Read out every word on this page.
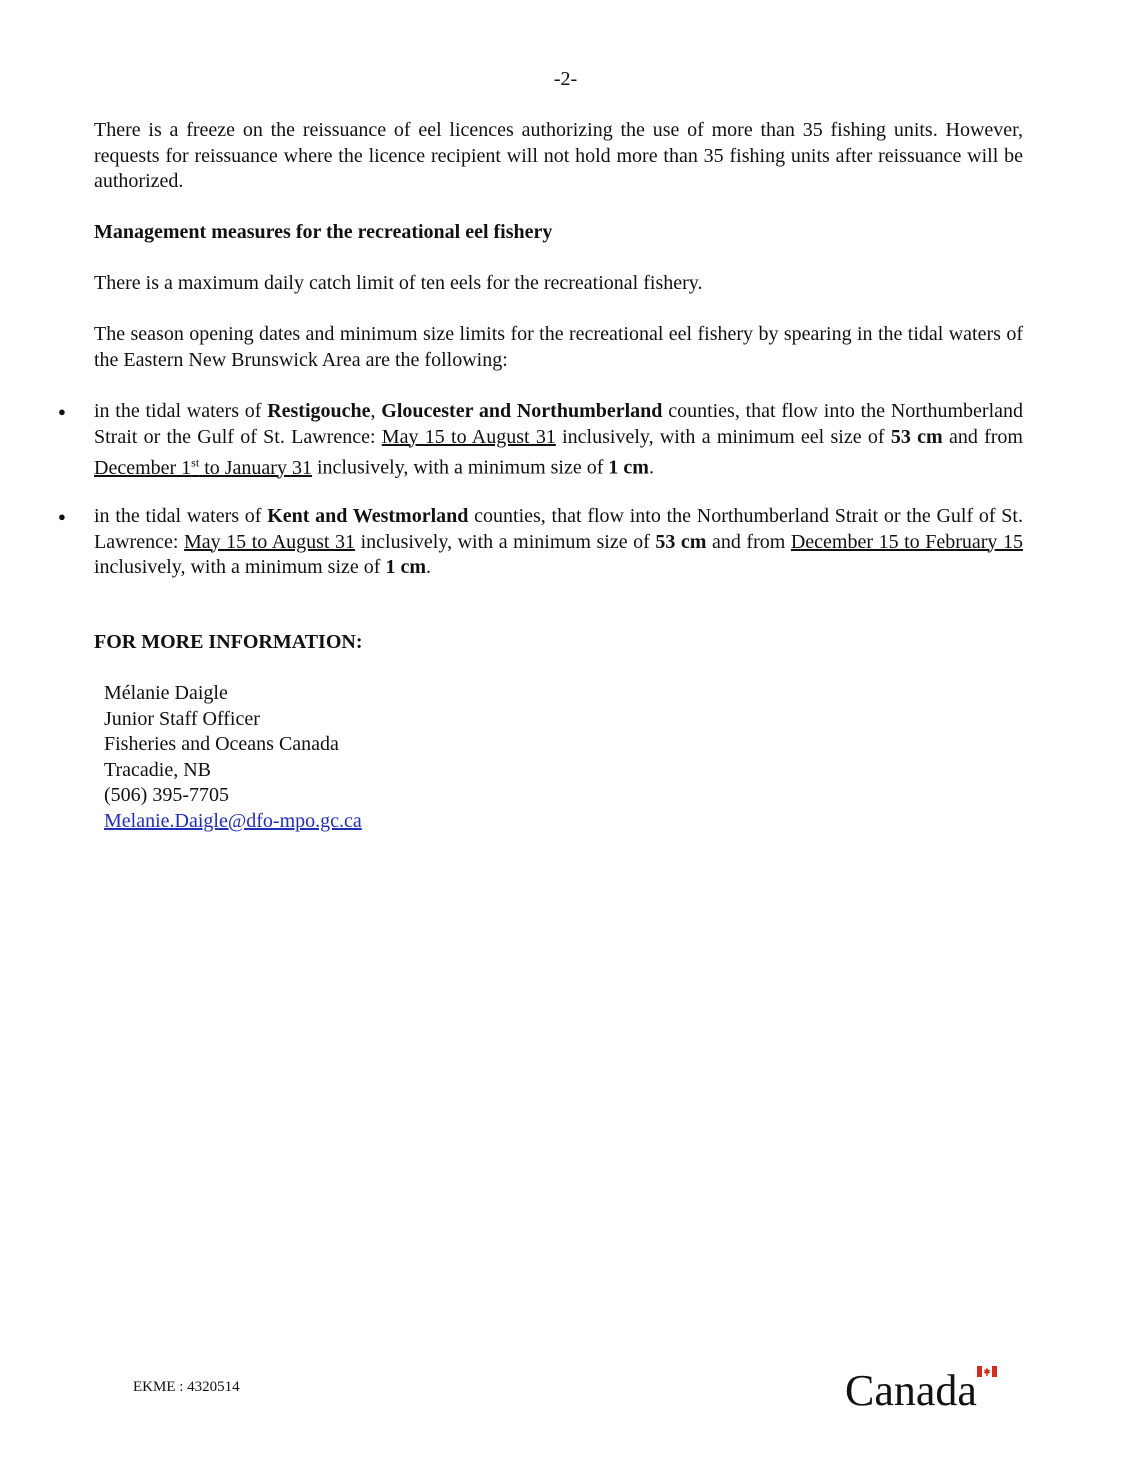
-2-

There is a freeze on the reissuance of eel licences authorizing the use of more than 35 fishing units. However, requests for reissuance where the licence recipient will not hold more than 35 fishing units after reissuance will be authorized.

Management measures for the recreational eel fishery

There is a maximum daily catch limit of ten eels for the recreational fishery.

The season opening dates and minimum size limits for the recreational eel fishery by spearing in the tidal waters of the Eastern New Brunswick Area are the following:

● in the tidal waters of Restigouche, Gloucester and Northumberland counties, that flow into the Northumberland Strait or the Gulf of St. Lawrence: May 15 to August 31 inclusively, with a minimum eel size of 53 cm and from December 1st to January 31 inclusively, with a minimum size of 1 cm.

● in the tidal waters of Kent and Westmorland counties, that flow into the Northumberland Strait or the Gulf of St. Lawrence: May 15 to August 31 inclusively, with a minimum size of 53 cm and from December 15 to February 15 inclusively, with a minimum size of 1 cm.

FOR MORE INFORMATION:

Mélanie Daigle
Junior Staff Officer
Fisheries and Oceans Canada
Tracadie, NB
(506) 395-7705
Melanie.Daigle@dfo-mpo.gc.ca

EKME : 4320514	Canada
